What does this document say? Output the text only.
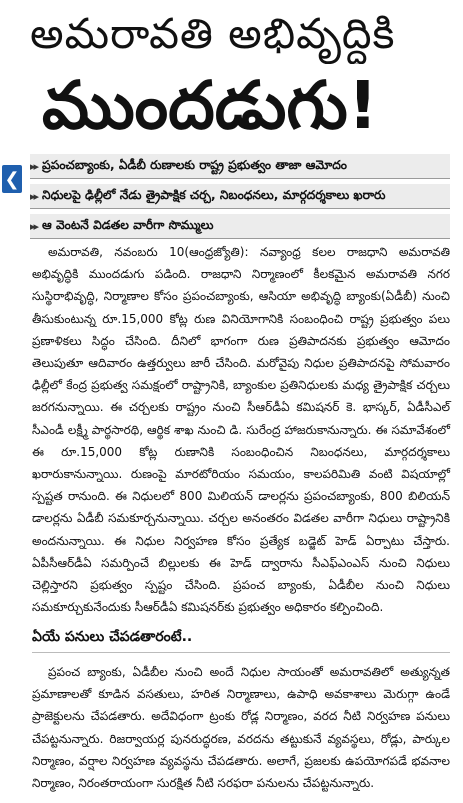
అమరావతి అభివృద్ధికి
ముందడుగు!
❮
▸▸ ప్రపంచబ్యాంకు, ఏడీబీ రుణాలకు రాష్ట్ర ప్రభుత్వం తాజా ఆమోదం
▸▸ నిధులపై ఢిల్లీలో నేడు త్రైపాక్షిక చర్చ, నిబంధనలు, మార్గదర్శకాలు ఖరారు
▸▸ ఆ వెంటనే విడతల వారీగా సొమ్ములు

అమరావతి, నవంబరు 10(ఆంధ్రజ్యోతి): నవ్యాంధ్ర కలల రాజధాని అమరావతి అభివృద్ధికి ముందడుగు పడింది. రాజధాని నిర్మాణంలో కీలకమైన అమరావతి నగర సుస్థిరాభివృద్ధి, నిర్మాణాల కోసం ప్రపంచబ్యాంకు, ఆసియా అభివృద్ధి బ్యాంకు(ఏడీబీ) నుంచి తీసుకుంటున్న రూ.15,000 కోట్ల రుణ వినియోగానికి సంబంధించి రాష్ట్ర ప్రభుత్వం పలు ప్రణాళికలు సిద్ధం చేసింది. దీనిలో భాగంగా రుణ ప్రతిపాదనకు ప్రభుత్వం ఆమోదం తెలుపుతూ ఆదివారం ఉత్తర్వులు జారీ చేసింది. మరోవైపు నిధుల ప్రతిపాదనపై సోమవారం ఢిల్లీలో కేంద్ర ప్రభుత్వ సమక్షంలో రాష్ట్రానికి, బ్యాంకుల ప్రతినిధులకు మధ్య త్రైపాక్షిక చర్చలు జరగనున్నాయి. ఈ చర్చలకు రాష్ట్రం నుంచి సీఆర్‌డీఏ కమిషనర్ కె. భాస్కర్, ఏడీసీఎల్ సీఎండీ లక్ష్మీ పార్థసారథి, ఆర్థిక శాఖ నుంచి డి. సురేంద్ర హాజరుకానున్నారు. ఈ సమావేశంలో ఈ రూ.15,000 కోట్ల రుణానికి సంబంధించిన నిబంధనలు, మార్గదర్శకాలు ఖరారుకానున్నాయి. రుణంపై మారటోరియం సమయం, కాలపరిమితి వంటి విషయాల్లో స్పష్టత రానుంది. ఈ నిధులలో 800 మిలియన్ డాలర్లను ప్రపంచబ్యాంకు, 800 బిలియన్ డాలర్లను ఏడీబీ సమకూర్చనున్నాయి. చర్చల అనంతరం విడతల వారీగా నిధులు రాష్ట్రానికి అందనున్నాయి. ఈ నిధుల నిర్వహణ కోసం ప్రత్యేక బడ్జెట్ హెడ్ ఏర్పాటు చేస్తారు. ఏపీసీఆర్‌డీఏ సమర్పించే బిల్లులకు ఈ హెడ్ ద్వారాను సీఎఫ్‌ఎంఎస్ నుంచి నిధులు చెల్లిస్తారని ప్రభుత్వం స్పష్టం చేసింది. ప్రపంచ బ్యాంకు, ఏడీబీల నుంచి నిధులు సమకూర్చుకునేందుకు సీఆర్‌డీఏ కమిషనర్‌కు ప్రభుత్వం అధికారం కల్పించింది.

ఏయే పనులు చేపడతారంటే..

ప్రపంచ బ్యాంకు, ఏడీబీల నుంచి అందే నిధుల సాయంతో అమరావతిలో అత్యున్నత ప్రమాణాలతో కూడిన వసతులు, హరిత నిర్మాణాలు, ఉపాధి అవకాశాలు మెరుగ్గా ఉండే ప్రాజెక్టులను చేపడతారు. అదేవిధంగా ట్రంకు రోడ్ల నిర్మాణం, వరద నీటి నిర్వహణ పనులు చేపట్టనున్నారు. రిజర్వాయర్ల పునరుద్ధరణ, వరదను తట్టుకునే వ్యవస్థలు, రోడ్లు, పార్కుల నిర్మాణం, వర్షాల నిర్వహణ వ్యవస్థను చేపడతారు. అలాగే, ప్రజలకు ఉపయోగపడే భవనాల నిర్మాణం, నిరంతరాయంగా సురక్షిత నీటి సరఫరా పనులను చేపట్టనున్నారు.
